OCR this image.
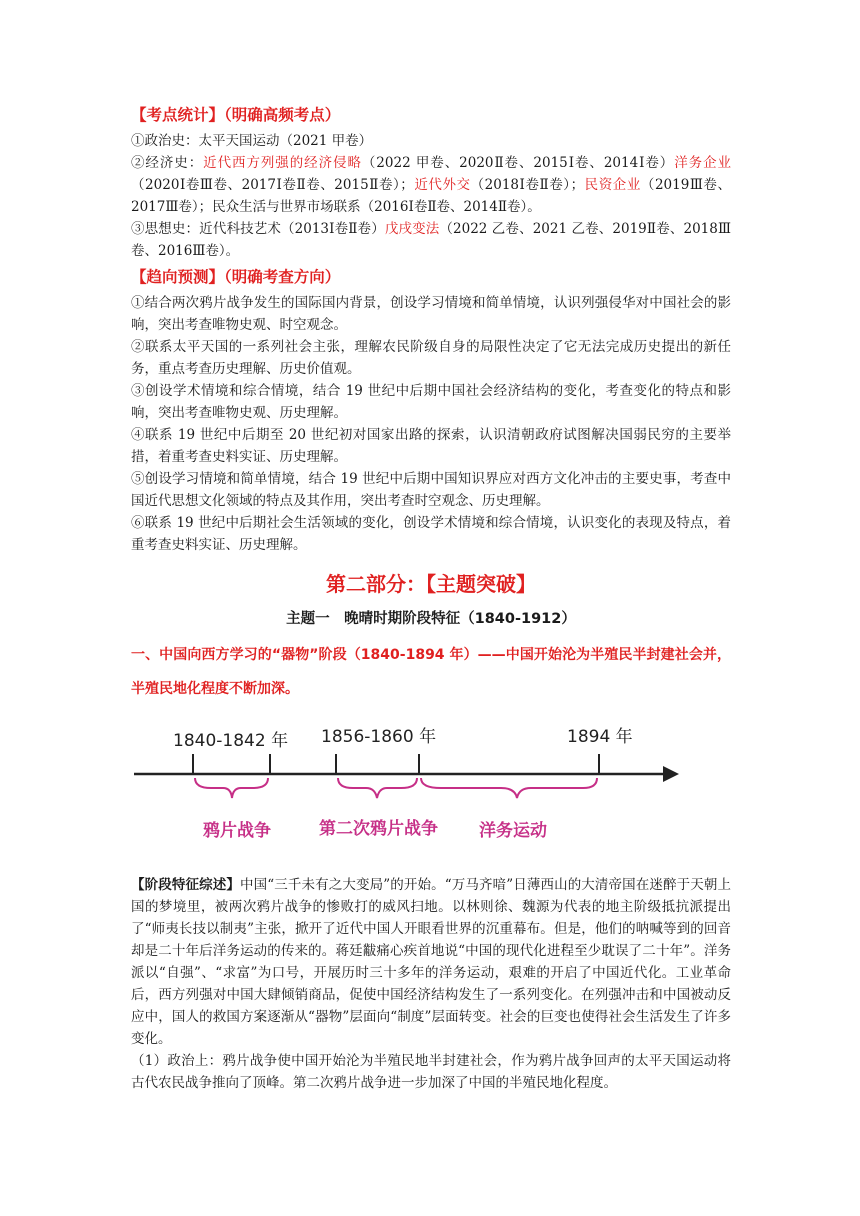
【考点统计】（明确高频考点）

①政治史：太平天国运动（2021 甲卷）

②经济史：近代西方列强的经济侵略（2022 甲卷、2020Ⅱ卷、2015Ⅰ卷、2014Ⅰ卷）洋务企业（2020Ⅰ卷Ⅲ卷、2017Ⅰ卷Ⅱ卷、2015Ⅱ卷）；近代外交（2018Ⅰ卷Ⅱ卷）；民资企业（2019Ⅲ卷、2017Ⅲ卷）；民众生活与世界市场联系（2016Ⅰ卷Ⅱ卷、2014Ⅱ卷）。

③思想史：近代科技艺术（2013Ⅰ卷Ⅱ卷）戊戌变法（2022 乙卷、2021 乙卷、2019Ⅱ卷、2018Ⅲ卷、2016Ⅲ卷）。

【趋向预测】（明确考查方向）

①结合两次鸦片战争发生的国际国内背景，创设学习情境和简单情境，认识列强侵华对中国社会的影响，突出考查唯物史观、时空观念。

②联系太平天国的一系列社会主张，理解农民阶级自身的局限性决定了它无法完成历史提出的新任务，重点考查历史理解、历史价值观。

③创设学术情境和综合情境，结合 19 世纪中后期中国社会经济结构的变化，考查变化的特点和影响，突出考查唯物史观、历史理解。

④联系 19 世纪中后期至 20 世纪初对国家出路的探索，认识清朝政府试图解决国弱民穷的主要举措，着重考查史料实证、历史理解。

⑤创设学习情境和简单情境，结合 19 世纪中后期中国知识界应对西方文化冲击的主要史事，考查中国近代思想文化领域的特点及其作用，突出考查时空观念、历史理解。

⑥联系 19 世纪中后期社会生活领域的变化，创设学术情境和综合情境，认识变化的表现及特点，着重考查史料实证、历史理解。

第二部分：【主题突破】

主题一　晚晴时期阶段特征（1840-1912）

一、中国向西方学习的“器物”阶段（1840-1894 年）——中国开始沦为半殖民半封建社会并，半殖民地化程度不断加深。

1840-1842 年 1856-1860 年	1894 年
鸦片战争	第二次鸦片战争 洋务运动

【阶段特征综述】中国“三千未有之大变局”的开始。“万马齐喑”日薄西山的大清帝国在迷醉于天朝上国的梦境里，被两次鸦片战争的惨败打的威风扫地。以林则徐、魏源为代表的地主阶级抵抗派提出了“师夷长技以制夷”主张，掀开了近代中国人开眼看世界的沉重幕布。但是，他们的呐喊等到的回音却是二十年后洋务运动的传来的。蒋廷黻痛心疾首地说“中国的现代化进程至少耽误了二十年”。洋务派以“自强”、“求富”为口号，开展历时三十多年的洋务运动，艰难的开启了中国近代化。工业革命后，西方列强对中国大肆倾销商品，促使中国经济结构发生了一系列变化。在列强冲击和中国被动反应中，国人的救国方案逐渐从“器物”层面向“制度”层面转变。社会的巨变也使得社会生活发生了许多变化。

（1）政治上：鸦片战争使中国开始沦为半殖民地半封建社会，作为鸦片战争回声的太平天国运动将古代农民战争推向了顶峰。第二次鸦片战争进一步加深了中国的半殖民地化程度。
